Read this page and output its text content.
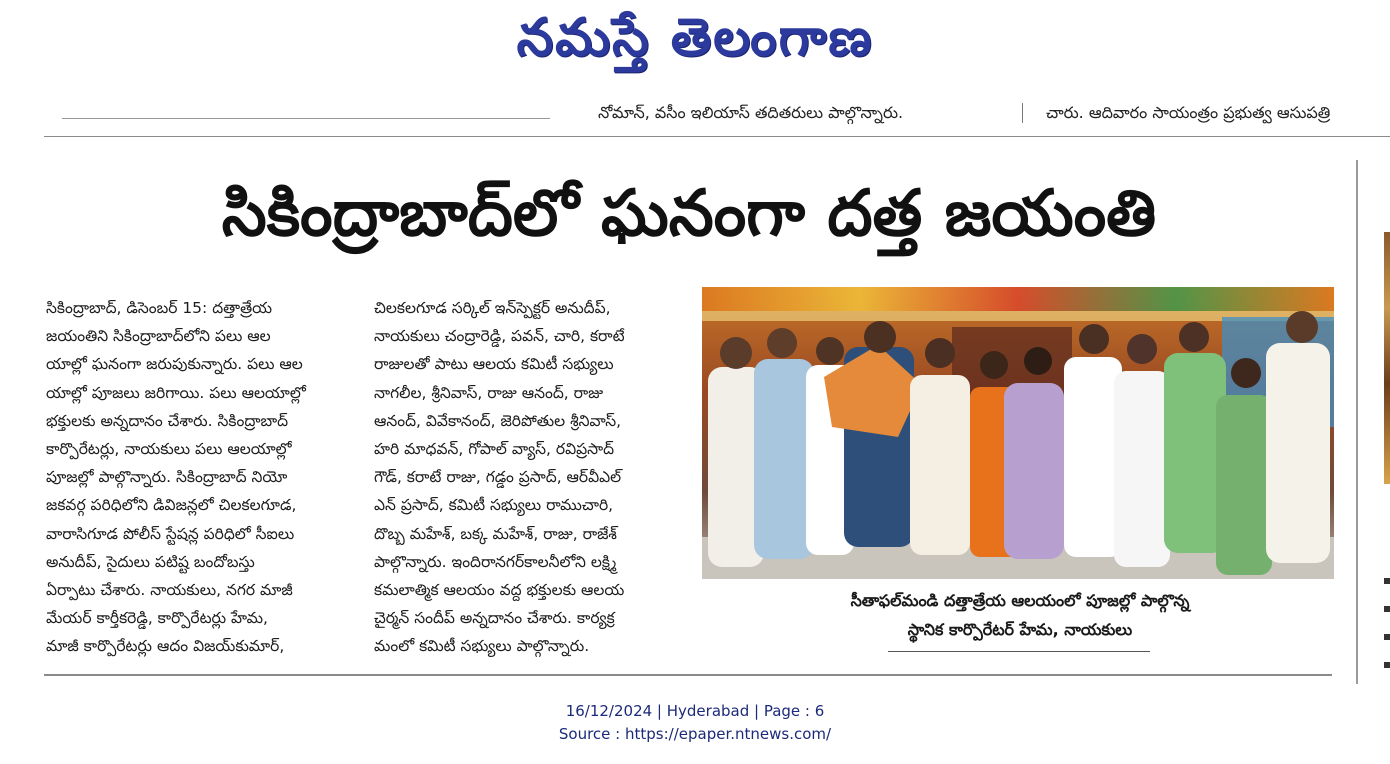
నమస్తే తెలంగాణ
నోమాన్, వసీం ఇలియాస్ తదితరులు పాల్గొన్నారు.	చారు. ఆదివారం సాయంత్రం ప్రభుత్వ ఆసుపత్రి
సికింద్రాబాద్‌లో ఘనంగా దత్త జయంతి
సికింద్రాబాద్, డిసెంబర్ 15: దత్తాత్రేయ
జయంతిని సికింద్రాబాద్‌లోని పలు ఆల
యాల్లో ఘనంగా జరుపుకున్నారు. పలు ఆల
యాల్లో పూజలు జరిగాయి. పలు ఆలయాల్లో
భక్తులకు అన్నదానం చేశారు. సికింద్రాబాద్
కార్పొరేటర్లు, నాయకులు పలు ఆలయాల్లో
పూజల్లో పాల్గొన్నారు. సికింద్రాబాద్ నియో
జకవర్గ పరిధిలోని డివిజన్లలో చిలకలగూడ,
వారాసిగూడ పోలీస్ స్టేషన్ల పరిధిలో సీఐలు
అనుదీప్, సైదులు పటిష్ట బందోబస్తు
ఏర్పాటు చేశారు. నాయకులు, నగర మాజీ
మేయర్ కార్తీకరెడ్డి, కార్పొరేటర్లు హేమ,
మాజీ కార్పొరేటర్లు ఆదం విజయ్‌కుమార్,
చిలకలగూడ సర్కిల్ ఇన్‌స్పెక్టర్ అనుదీప్,
నాయకులు చంద్రారెడ్డి, పవన్, చారి, కరాటే
రాజులతో పాటు ఆలయ కమిటీ సభ్యులు
నాగలీల, శ్రీనివాస్, రాజు ఆనంద్, రాజు
ఆనంద్, వివేకానంద్, జెరిపోతుల శ్రీనివాస్,
హరి మాధవన్, గోపాల్ వ్యాస్, రవిప్రసాద్
గౌడ్, కరాటే రాజు, గడ్డం ప్రసాద్, ఆర్‌వీఎల్
ఎన్ ప్రసాద్, కమిటీ సభ్యులు రాముచారి,
దొబ్బ మహేశ్, బక్క మహేశ్, రాజు, రాజేశ్
పాల్గొన్నారు. ఇందిరానగర్‌కాలనీలోని లక్ష్మి
కమలాత్మిక ఆలయం వద్ద భక్తులకు ఆలయ
చైర్మన్ సందీప్ అన్నదానం చేశారు. కార్యక్ర
మంలో కమిటీ సభ్యులు పాల్గొన్నారు.
సీతాఫల్‌మండి దత్తాత్రేయ ఆలయంలో పూజల్లో పాల్గొన్న
స్థానిక కార్పొరేటర్ హేమ, నాయకులు
16/12/2024 | Hyderabad | Page : 6
Source : https://epaper.ntnews.com/
